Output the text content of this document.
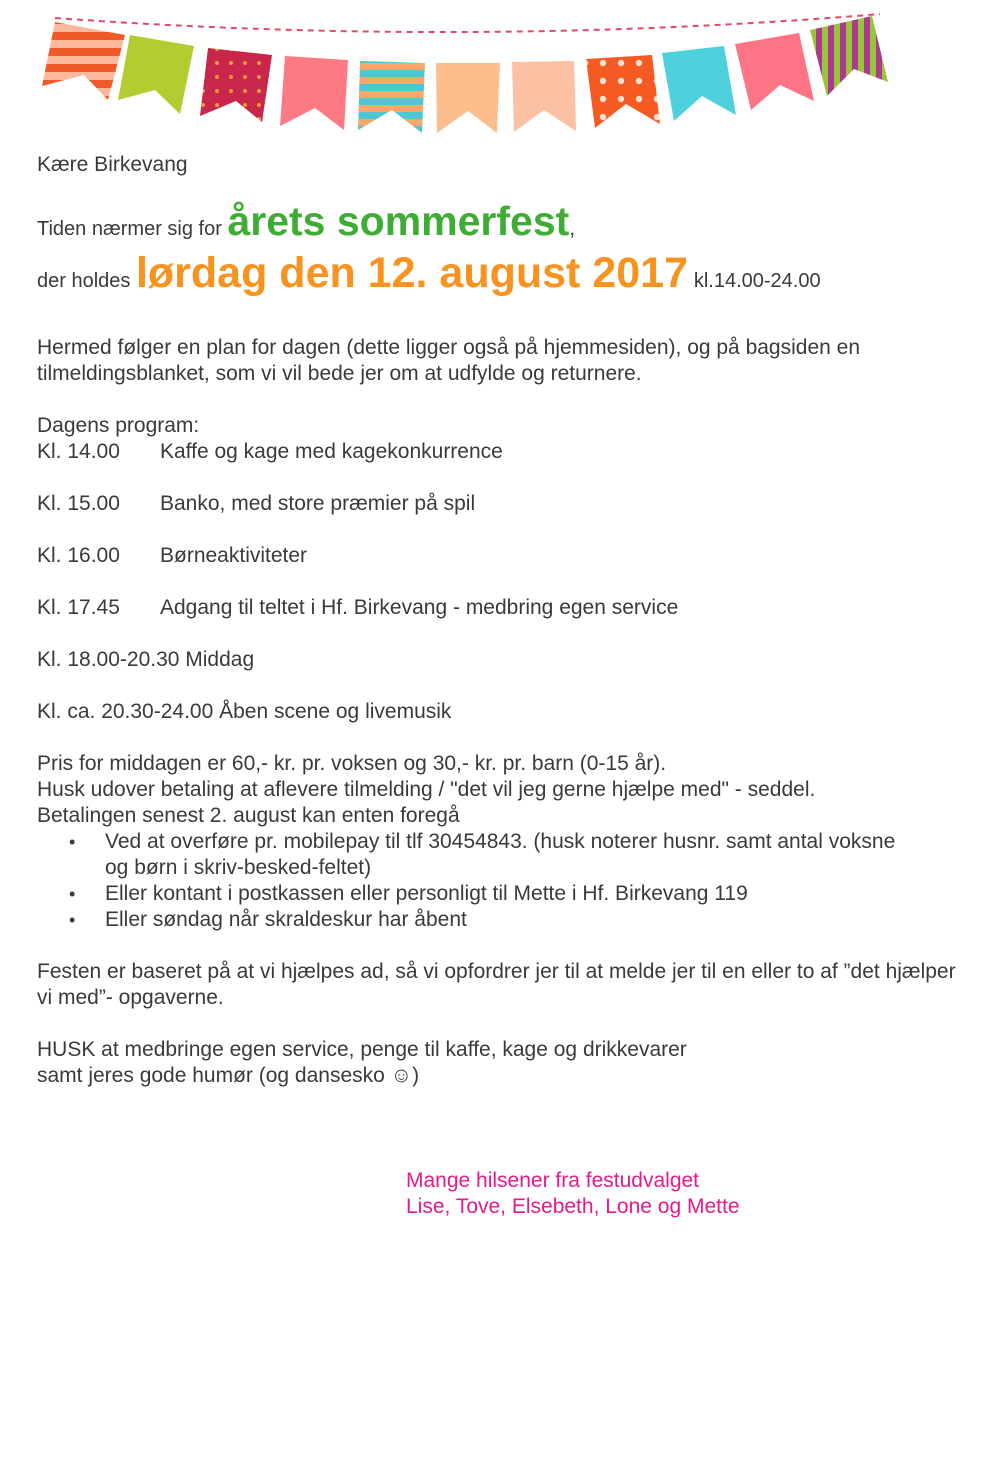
Kære Birkevang
Tiden nærmer sig for årets sommerfest,
der holdes lørdag den 12. august 2017 kl.14.00-24.00
Hermed følger en plan for dagen (dette ligger også på hjemmesiden), og på bagsiden en tilmeldingsblanket, som vi vil bede jer om at udfylde og returnere.
Dagens program:
Kl. 14.00 Kaffe og kage med kagekonkurrence
Kl. 15.00 Banko, med store præmier på spil
Kl. 16.00 Børneaktiviteter
Kl. 17.45 Adgang til teltet i Hf. Birkevang - medbring egen service
Kl. 18.00-20.30 Middag
Kl. ca. 20.30-24.00 Åben scene og livemusik
Pris for middagen er 60,- kr. pr. voksen og 30,- kr. pr. barn (0-15 år).
Husk udover betaling at aflevere tilmelding / "det vil jeg gerne hjælpe med" - seddel.
Betalingen senest 2. august kan enten foregå
• Ved at overføre pr. mobilepay til tlf 30454843. (husk noterer husnr. samt antal voksne og børn i skriv-besked-feltet)
• Eller kontant i postkassen eller personligt til Mette i Hf. Birkevang 119
• Eller søndag når skraldeskur har åbent
Festen er baseret på at vi hjælpes ad, så vi opfordrer jer til at melde jer til en eller to af ”det hjælper vi med”- opgaverne.
HUSK at medbringe egen service, penge til kaffe, kage og drikkevarer
samt jeres gode humør (og dansesko ☺)
Mange hilsener fra festudvalget
Lise, Tove, Elsebeth, Lone og Mette
